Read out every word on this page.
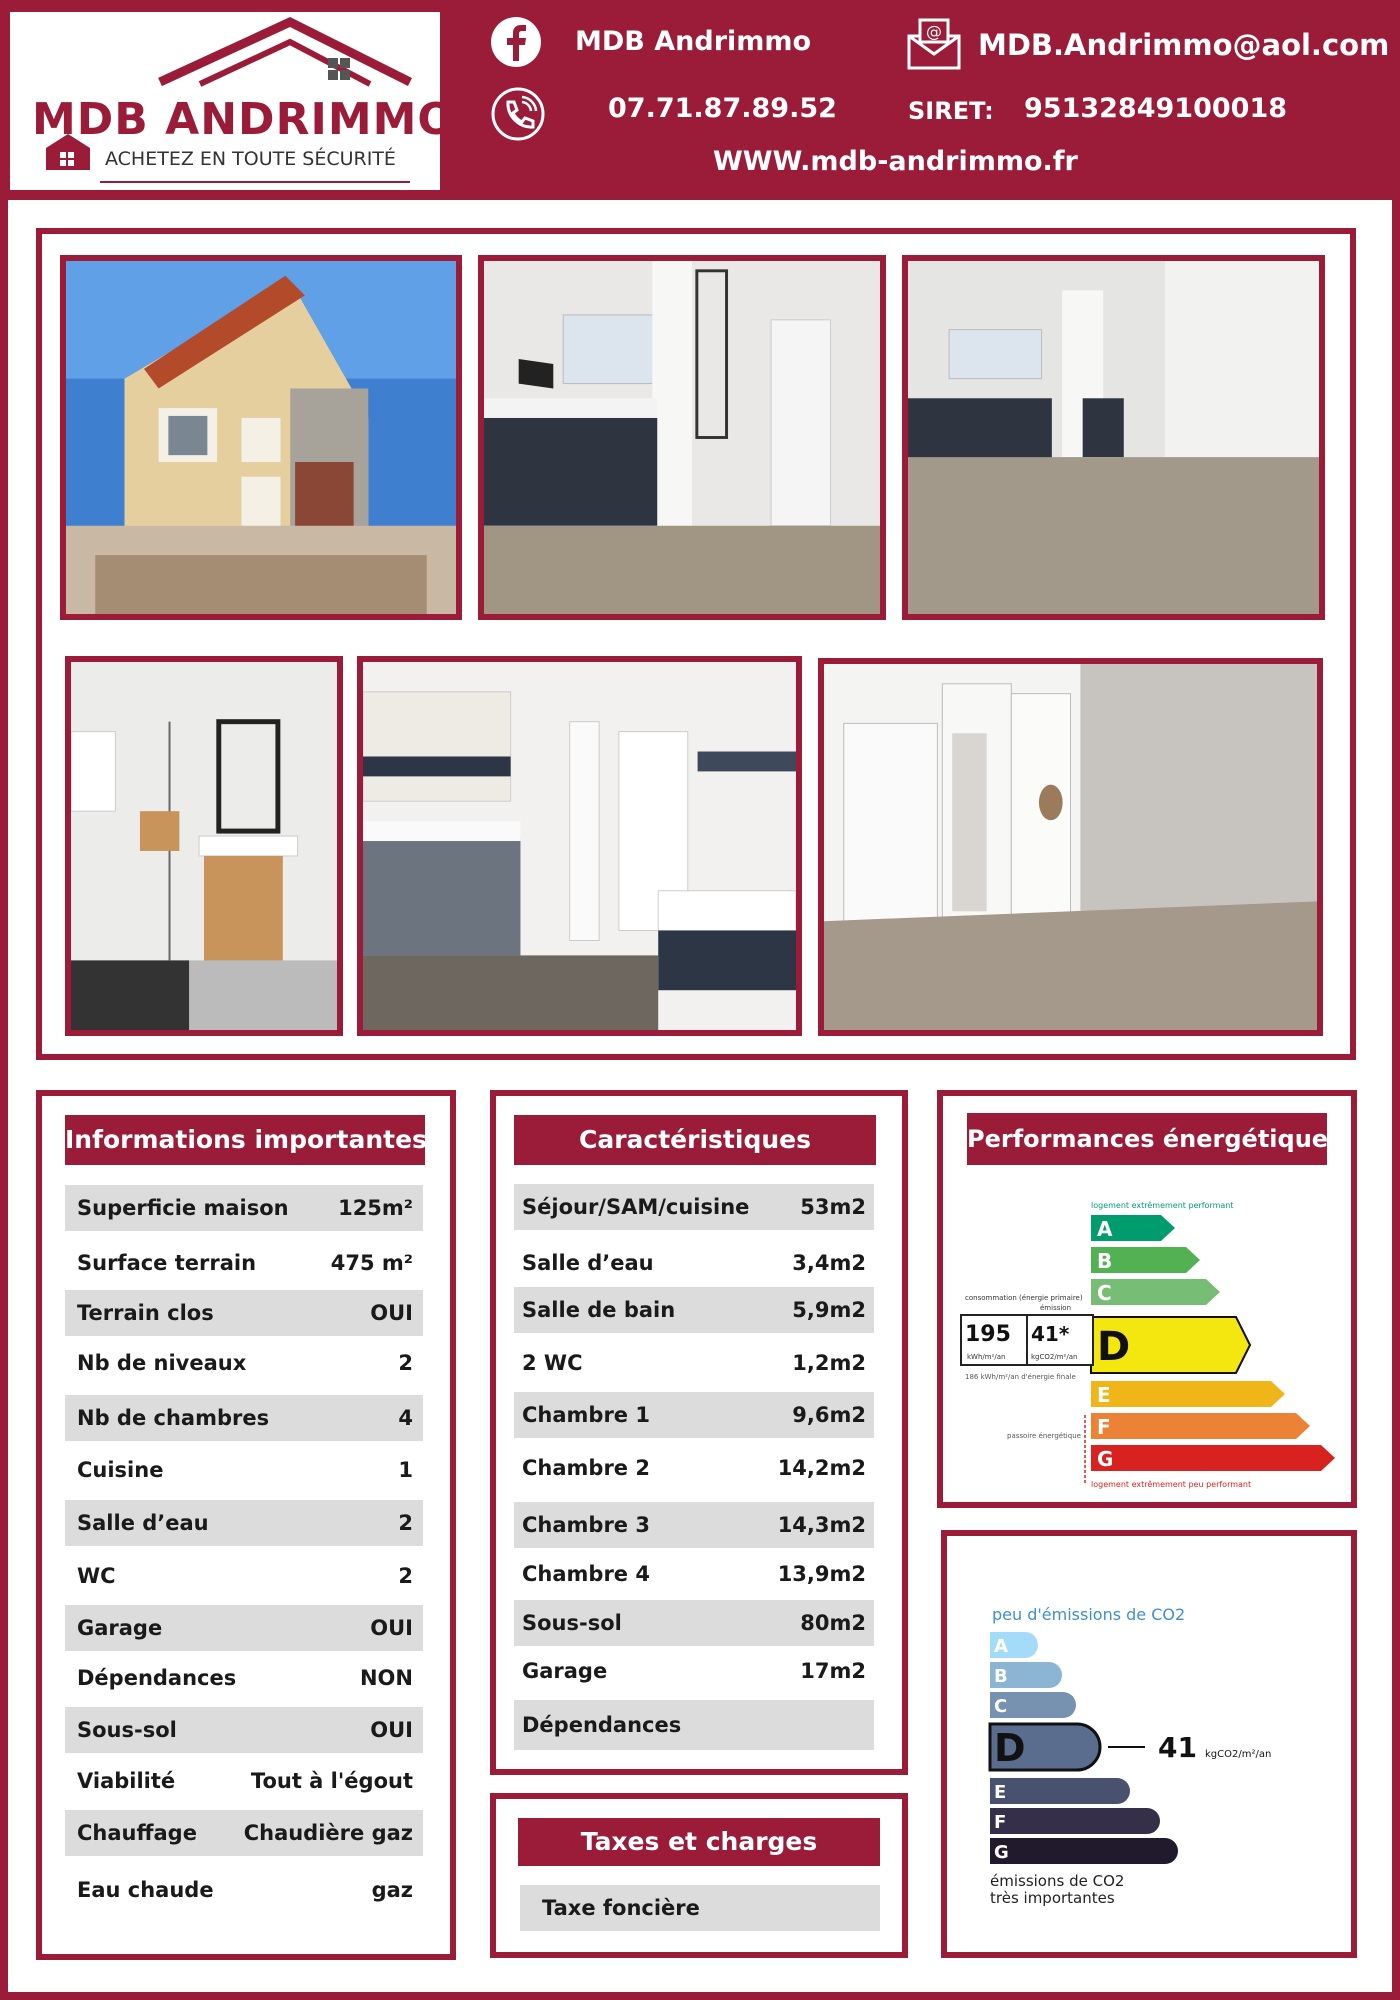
MDB ANDRIMMO
ACHETEZ EN TOUTE SÉCURITÉ
MDB Andrimmo
07.71.87.89.52
@ MDB.Andrimmo@aol.com
SIRET: 95132849100018
WWW.mdb-andrimmo.fr
Informations importantes
Superficie maison 125m²
Surface terrain	475 m²
Terrain clos	OUI
Nb de niveaux	2
Nb de chambres	4
Cuisine	1
Salle d’eau	2
WC	2
Garage	OUI
Dépendances	NON
Sous-sol	OUI
Viabilité	Tout à l'égout
Chauffage Chaudière gaz
Eau chaude	gaz
Caractéristiques
Séjour/SAM/cuisine 53m2
Salle d’eau	3,4m2
Salle de bain	5,9m2
2 WC	1,2m2
Chambre 1	9,6m2
Chambre 2	14,2m2
Chambre 3	14,3m2
Chambre 4	13,9m2
Sous-sol	80m2
Garage	17m2
Dépendances
Taxes et charges
Taxe foncière
Performances énergétiques
logement extrêmement performant
A
B
C
D
E
F
G
consommation (énergie primaire)
émission
195 41*
kWh/m²/an	kgCO2/m²/an
186 kWh/m²/an d'énergie finale
passoire énergétique
logement extrêmement peu performant
peu d'émissions de CO2
A
B
C
D	41 kgCO2/m²/an
E
F
G
émissions de CO2
très importantes
